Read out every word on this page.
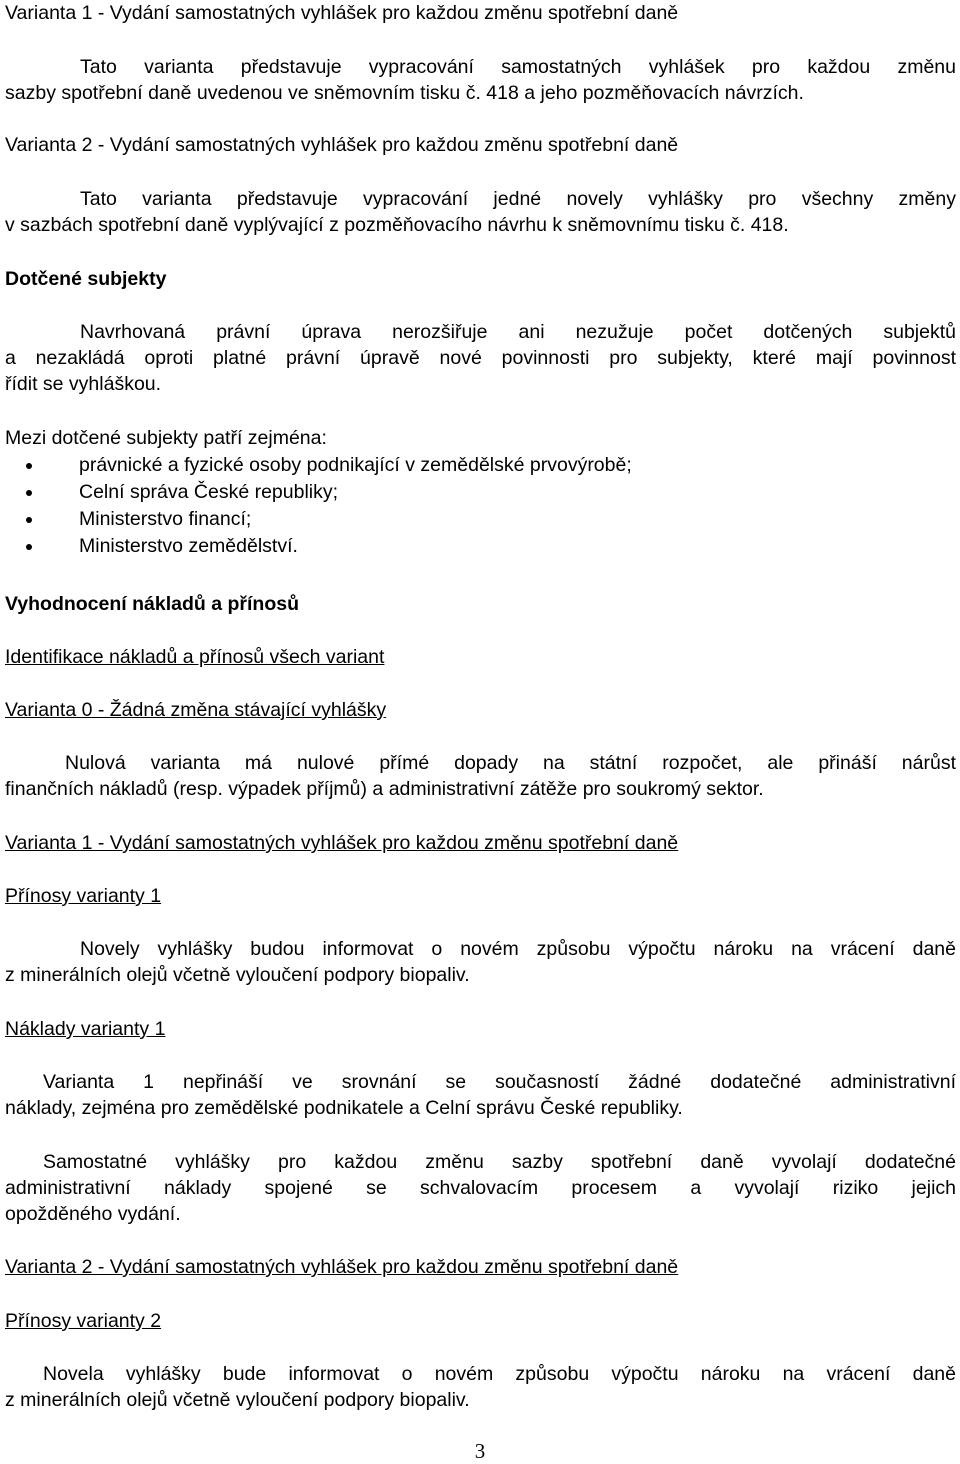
Varianta 1 - Vydání samostatných vyhlášek pro každou změnu spotřební daně
Tato varianta představuje vypracování samostatných vyhlášek pro každou změnu
sazby spotřební daně uvedenou ve sněmovním tisku č. 418 a jeho pozměňovacích návrzích.
Varianta 2 - Vydání samostatných vyhlášek pro každou změnu spotřební daně
Tato varianta představuje vypracování jedné novely vyhlášky pro všechny změny
v sazbách spotřební daně vyplývající z pozměňovacího návrhu k sněmovnímu tisku č. 418.
Dotčené subjekty
Navrhovaná právní úprava nerozšiřuje ani nezužuje počet dotčených subjektů
a nezakládá oproti platné právní úpravě nové povinnosti pro subjekty, které mají povinnost
řídit se vyhláškou.
Mezi dotčené subjekty patří zejména:
právnické a fyzické osoby podnikající v zemědělské prvovýrobě;
Celní správa České republiky;
Ministerstvo financí;
Ministerstvo zemědělství.
Vyhodnocení nákladů a přínosů
Identifikace nákladů a přínosů všech variant
Varianta 0 - Žádná změna stávající vyhlášky
Nulová varianta má nulové přímé dopady na státní rozpočet, ale přináší nárůst
finančních nákladů (resp. výpadek příjmů) a administrativní zátěže pro soukromý sektor.
Varianta 1 - Vydání samostatných vyhlášek pro každou změnu spotřební daně
Přínosy varianty 1
Novely vyhlášky budou informovat o novém způsobu výpočtu nároku na vrácení daně
z minerálních olejů včetně vyloučení podpory biopaliv.
Náklady varianty 1
Varianta 1 nepřináší ve srovnání se současností žádné dodatečné administrativní
náklady, zejména pro zemědělské podnikatele a Celní správu České republiky.
Samostatné vyhlášky pro každou změnu sazby spotřební daně vyvolají dodatečné
administrativní náklady spojené se schvalovacím procesem a vyvolají riziko jejich
opožděného vydání.
Varianta 2 - Vydání samostatných vyhlášek pro každou změnu spotřební daně
Přínosy varianty 2
Novela vyhlášky bude informovat o novém způsobu výpočtu nároku na vrácení daně
z minerálních olejů včetně vyloučení podpory biopaliv.
3
